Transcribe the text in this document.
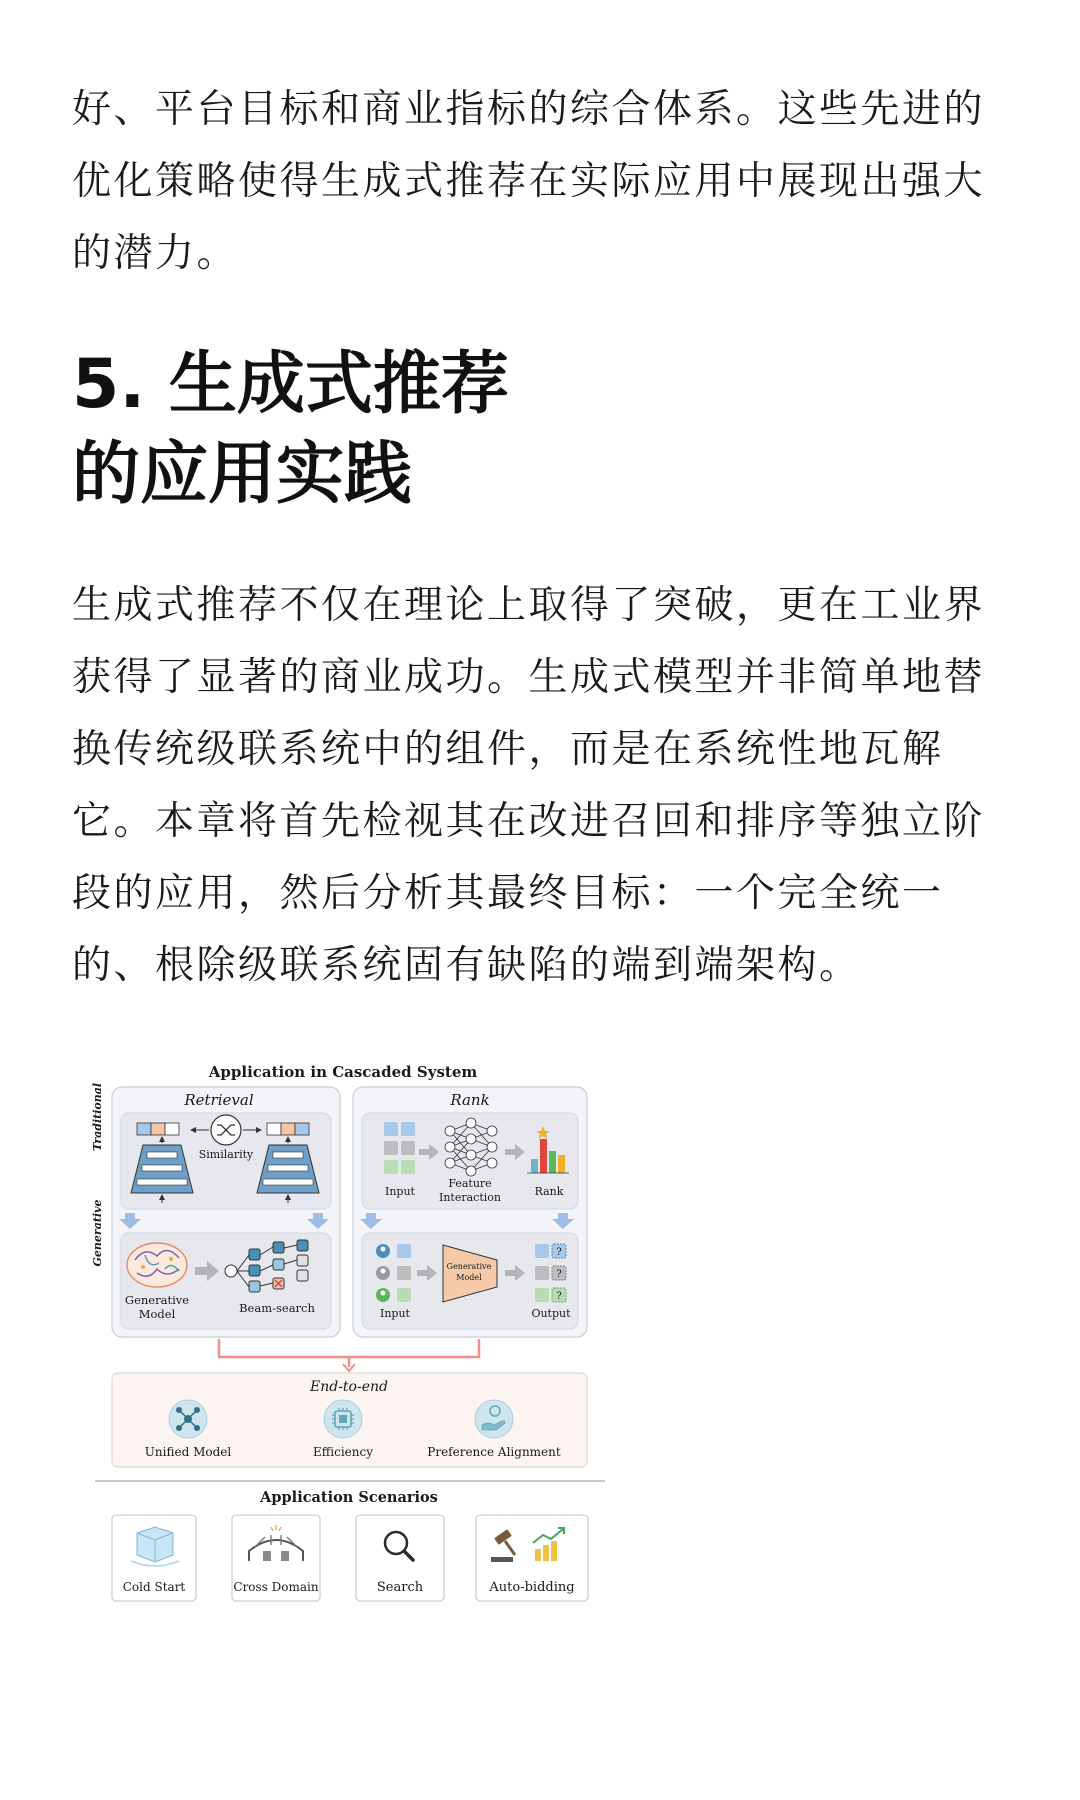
好、平台目标和商业指标的综合体系。这些先进的优化策略使得生成式推荐在实际应用中展现出强大的潜力。

5. 生成式推荐
的应用实践

生成式推荐不仅在理论上取得了突破，更在工业界获得了显著的商业成功。生成式模型并非简单地替换传统级联系统中的组件，而是在系统性地瓦解它。本章将首先检视其在改进召回和排序等独立阶段的应用，然后分析其最终目标：一个完全统一的、根除级联系统固有缺陷的端到端架构。

Application in Cascaded System
Traditional
Generative
Retrieval
Similarity
Generative
Model	Beam-search
Rank
Input
Feature
Interaction	Rank
Input
Generative
Model
?
?
?
Output
End-to-end
Unified Model	Efficiency	Preference Alignment
Application Scenarios
Cold Start	Cross Domain	Search	Auto-bidding
